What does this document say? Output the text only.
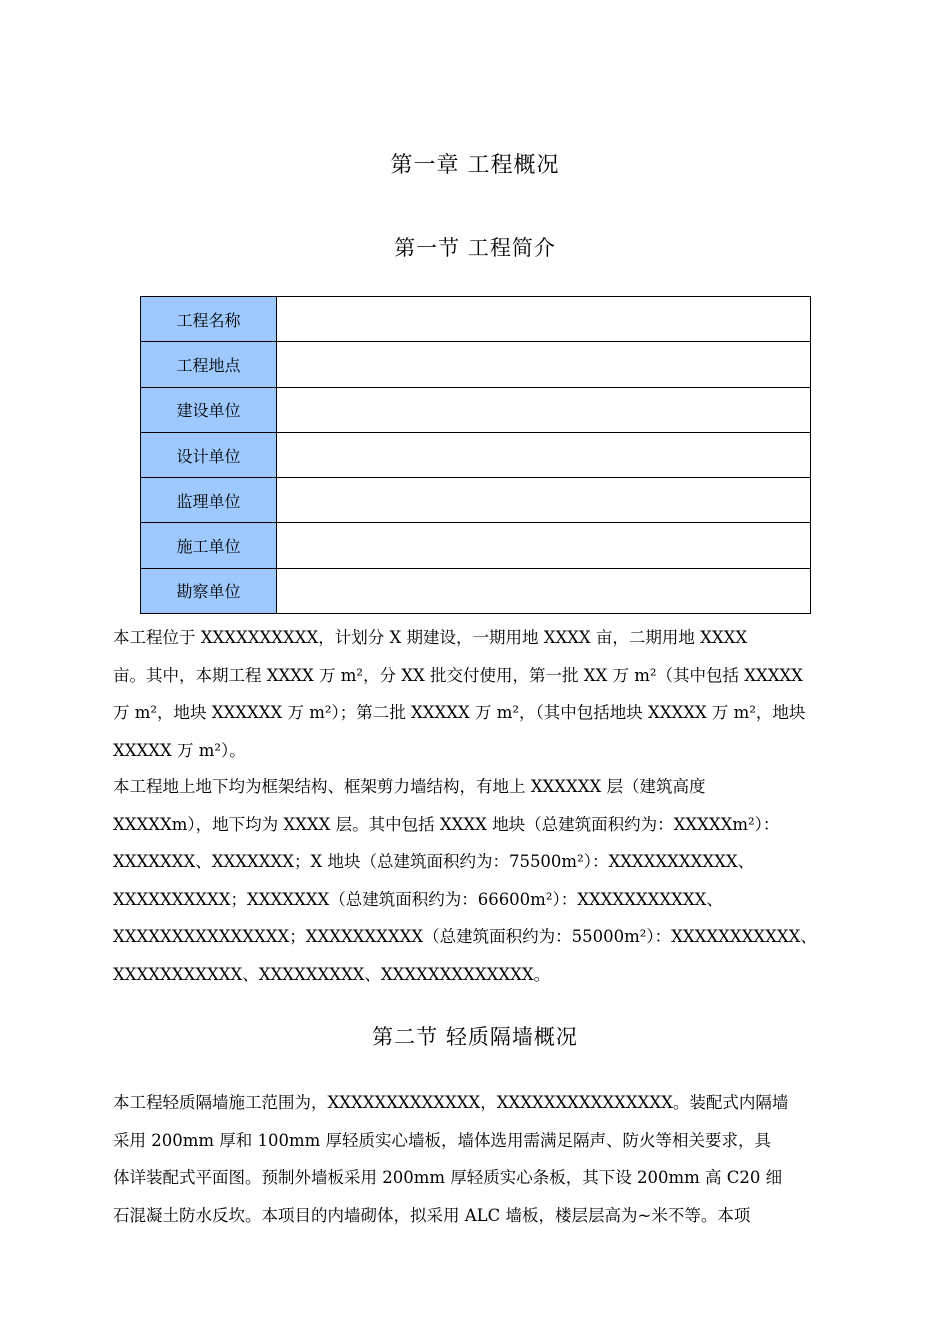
第一章 工程概况
第一节 工程简介
工程名称	
工程地点	
建设单位	
设计单位	
监理单位	
施工单位	
勘察单位	
本工程位于 XXXXXXXXXX，计划分 X 期建设，一期用地 XXXX 亩，二期用地 XXXX
亩。其中，本期工程 XXXX 万 m²，分 XX 批交付使用，第一批 XX 万 m²（其中包括 XXXXX
万 m²，地块 XXXXXX 万 m²）；第二批 XXXXX 万 m²，（其中包括地块 XXXXX 万 m²，地块
XXXXX 万 m²）。
本工程地上地下均为框架结构、框架剪力墙结构，有地上 XXXXXX 层（建筑高度
XXXXXm），地下均为 XXXX 层。其中包括 XXXX 地块（总建筑面积约为：XXXXXm²）：
XXXXXXX、XXXXXXX；X 地块（总建筑面积约为：75500m²）：XXXXXXXXXXX、
XXXXXXXXXX；XXXXXXX（总建筑面积约为：66600m²）：XXXXXXXXXXX、
XXXXXXXXXXXXXXX；XXXXXXXXXX（总建筑面积约为：55000m²）：XXXXXXXXXXX、
XXXXXXXXXXX、XXXXXXXXX、XXXXXXXXXXXXX。
第二节 轻质隔墙概况
本工程轻质隔墙施工范围为，XXXXXXXXXXXXX，XXXXXXXXXXXXXXX。装配式内隔墙
采用 200mm 厚和 100mm 厚轻质实心墙板，墙体选用需满足隔声、防火等相关要求，具
体详装配式平面图。预制外墙板采用 200mm 厚轻质实心条板，其下设 200mm 高 C20 细
石混凝土防水反坎。本项目的内墙砌体，拟采用 ALC 墙板，楼层层高为~米不等。本项
